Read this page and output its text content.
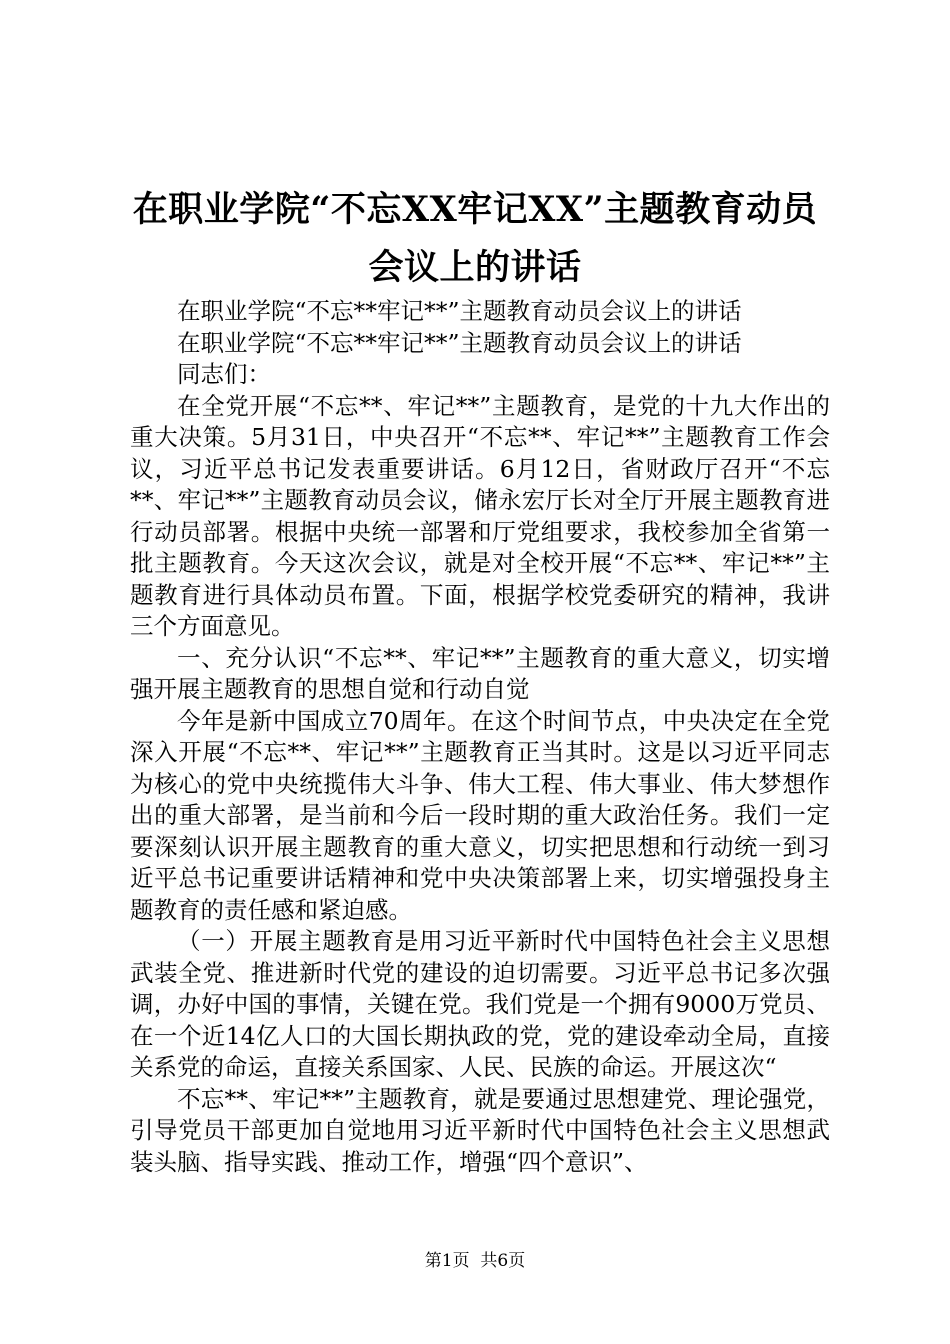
在职业学院“不忘XX牢记XX”主题教育动员
会议上的讲话

在职业学院“不忘**牢记**”主题教育动员会议上的讲话

在职业学院“不忘**牢记**”主题教育动员会议上的讲话

同志们：

在全党开展“不忘**、牢记**”主题教育，是党的十九大作出的重大决策。5月31日，中央召开“不忘**、牢记**”主题教育工作会议，习近平总书记发表重要讲话。6月12日，省财政厅召开“不忘**、牢记**”主题教育动员会议，储永宏厅长对全厅开展主题教育进行动员部署。根据中央统一部署和厅党组要求，我校参加全省第一批主题教育。今天这次会议，就是对全校开展“不忘**、牢记**”主题教育进行具体动员布置。下面，根据学校党委研究的精神，我讲三个方面意见。

一、充分认识“不忘**、牢记**”主题教育的重大意义，切实增强开展主题教育的思想自觉和行动自觉

今年是新中国成立70周年。在这个时间节点，中央决定在全党深入开展“不忘**、牢记**”主题教育正当其时。这是以习近平同志为核心的党中央统揽伟大斗争、伟大工程、伟大事业、伟大梦想作出的重大部署，是当前和今后一段时期的重大政治任务。我们一定要深刻认识开展主题教育的重大意义，切实把思想和行动统一到习近平总书记重要讲话精神和党中央决策部署上来，切实增强投身主题教育的责任感和紧迫感。

（一）开展主题教育是用习近平新时代中国特色社会主义思想武装全党、推进新时代党的建设的迫切需要。习近平总书记多次强调，办好中国的事情，关键在党。我们党是一个拥有9000万党员、在一个近14亿人口的大国长期执政的党，党的建设牵动全局，直接关系党的命运，直接关系国家、人民、民族的命运。开展这次“

不忘**、牢记**”主题教育，就是要通过思想建党、理论强党，引导党员干部更加自觉地用习近平新时代中国特色社会主义思想武装头脑、指导实践、推动工作，增强“四个意识”、

第1页 共6页
